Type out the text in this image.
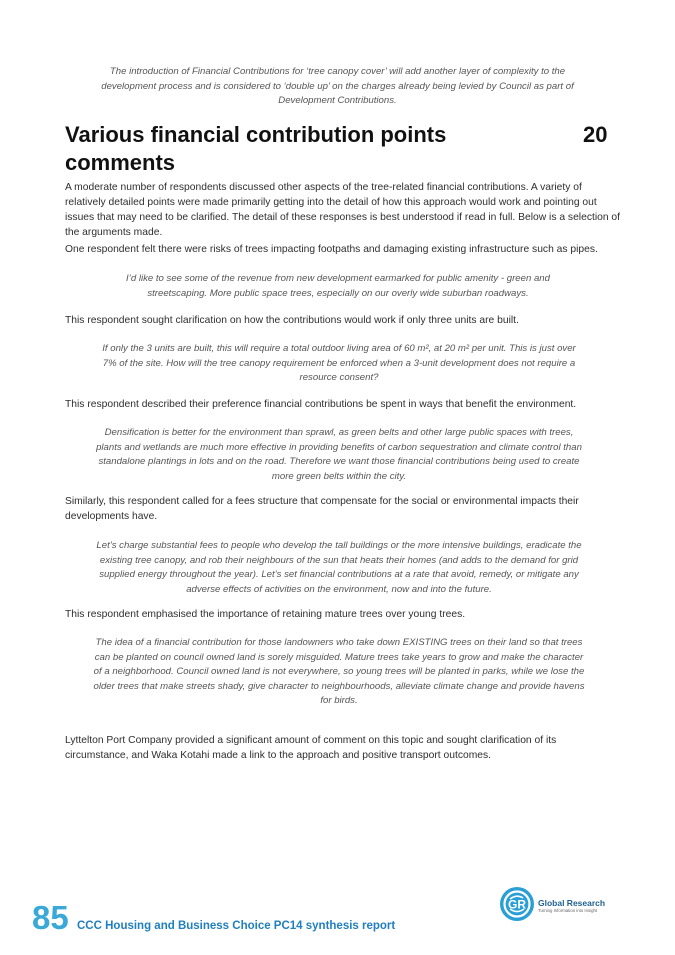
The introduction of Financial Contributions for ‘tree canopy cover’ will add another layer of complexity to the development process and is considered to ‘double up’ on the charges already being levied by Council as part of Development Contributions.

Various financial contribution points comments
20

A moderate number of respondents discussed other aspects of the tree-related financial contributions. A variety of relatively detailed points were made primarily getting into the detail of how this approach would work and pointing out issues that may need to be clarified. The detail of these responses is best understood if read in full. Below is a selection of the arguments made.

One respondent felt there were risks of trees impacting footpaths and damaging existing infrastructure such as pipes.

I’d like to see some of the revenue from new development earmarked for public amenity - green and streetscaping. More public space trees, especially on our overly wide suburban roadways.

This respondent sought clarification on how the contributions would work if only three units are built.

If only the 3 units are built, this will require a total outdoor living area of 60 m², at 20 m² per unit. This is just over 7% of the site. How will the tree canopy requirement be enforced when a 3-unit development does not require a resource consent?

This respondent described their preference financial contributions be spent in ways that benefit the environment.

Densification is better for the environment than sprawl, as green belts and other large public spaces with trees, plants and wetlands are much more effective in providing benefits of carbon sequestration and climate control than standalone plantings in lots and on the road. Therefore we want those financial contributions being used to create more green belts within the city.

Similarly, this respondent called for a fees structure that compensate for the social or environmental impacts their developments have.

Let’s charge substantial fees to people who develop the tall buildings or the more intensive buildings, eradicate the existing tree canopy, and rob their neighbours of the sun that heats their homes (and adds to the demand for grid supplied energy throughout the year). Let’s set financial contributions at a rate that avoid, remedy, or mitigate any adverse effects of activities on the environment, now and into the future.

This respondent emphasised the importance of retaining mature trees over young trees.

The idea of a financial contribution for those landowners who take down EXISTING trees on their land so that trees can be planted on council owned land is sorely misguided. Mature trees take years to grow and make the character of a neighborhood. Council owned land is not everywhere, so young trees will be planted in parks, while we lose the older trees that make streets shady, give character to neighbourhoods, alleviate climate change and provide havens for birds.

Lyttelton Port Company provided a significant amount of comment on this topic and sought clarification of its circumstance, and Waka Kotahi made a link to the approach and positive transport outcomes.

85 CCC Housing and Business Choice PC14 synthesis report
GR Global Research
Turning Information into Insight
